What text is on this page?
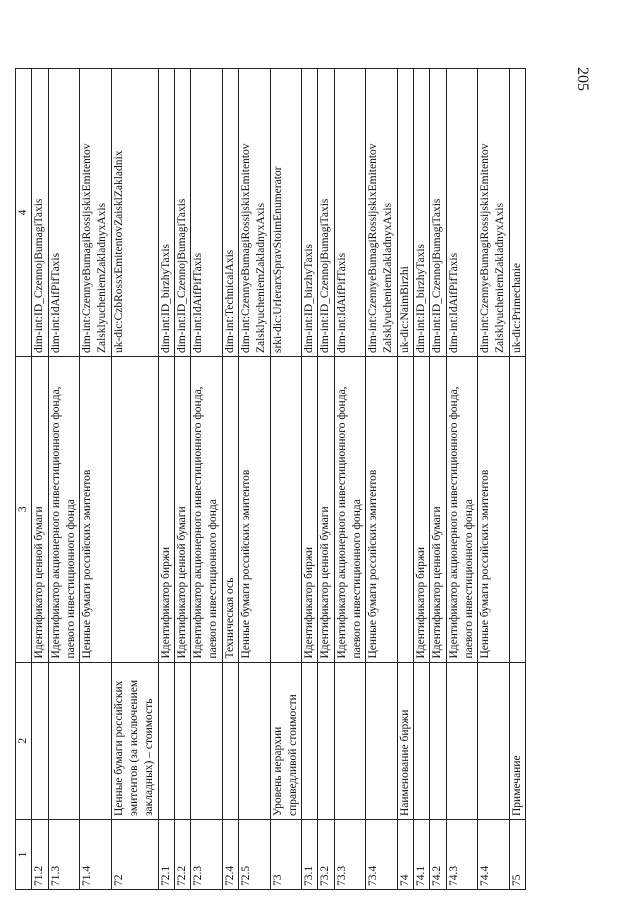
1	2	3	4
71.2		Идентификатор ценной бумаги	dim-int:ID_CzennojBumagiTaxis
71.3		Идентификатор акционерного инвестиционного фонда, паевого инвестиционного фонда	dim-int:IdAifPifTaxis
71.4		Ценные бумаги российских эмитентов	dim-int:CzennyeBumagiRossijskixEmitentov ZalsklyucheniemZakladnyxAxis
72	Ценные бумаги российских эмитентов (за исключением закладных) – стоимость		uk-dic:CzbRossxEmitentovZaisklZakladnix
72.1		Идентификатор биржи	dim-int:ID_birzhyTaxis
72.2		Идентификатор ценной бумаги	dim-int:ID_CzennojBumagiTaxis
72.3		Идентификатор акционерного инвестиционного фонда, паевого инвестиционного фонда	dim-int:IdAifPifTaxis
72.4		Техническая ось	dim-int:TechnicalAxis
72.5		Ценные бумаги российских эмитентов	dim-int:CzennyeBumagiRossijskixEmitentov ZalsklyucheniemZakladnyxAxis
73	Уровень иерархии справедливой стоимости		srki-dic:UrIerarxSpravStoimEnumerator
73.1		Идентификатор биржи	dim-int:ID_birzhyTaxis
73.2		Идентификатор ценной бумаги	dim-int:ID_CzennojBumagiTaxis
73.3		Идентификатор акционерного инвестиционного фонда, паевого инвестиционного фонда	dim-int:IdAifPifTaxis
73.4		Ценные бумаги российских эмитентов	dim-int:CzennyeBumagiRossijskixEmitentov ZalsklyucheniemZakladnyxAxis
74	Наименование биржи		uk-dic:NaimBirzhi
74.1		Идентификатор биржи	dim-int:ID_birzhyTaxis
74.2		Идентификатор ценной бумаги	dim-int:ID_CzennojBumagiTaxis
74.3		Идентификатор акционерного инвестиционного фонда, паевого инвестиционного фонда	dim-int:IdAifPifTaxis
74.4		Ценные бумаги российских эмитентов	dim-int:CzennyeBumagiRossijskixEmitentov ZalsklyucheniemZakladnyxAxis
75	Примечание		uk-dic:Primechanie
205
